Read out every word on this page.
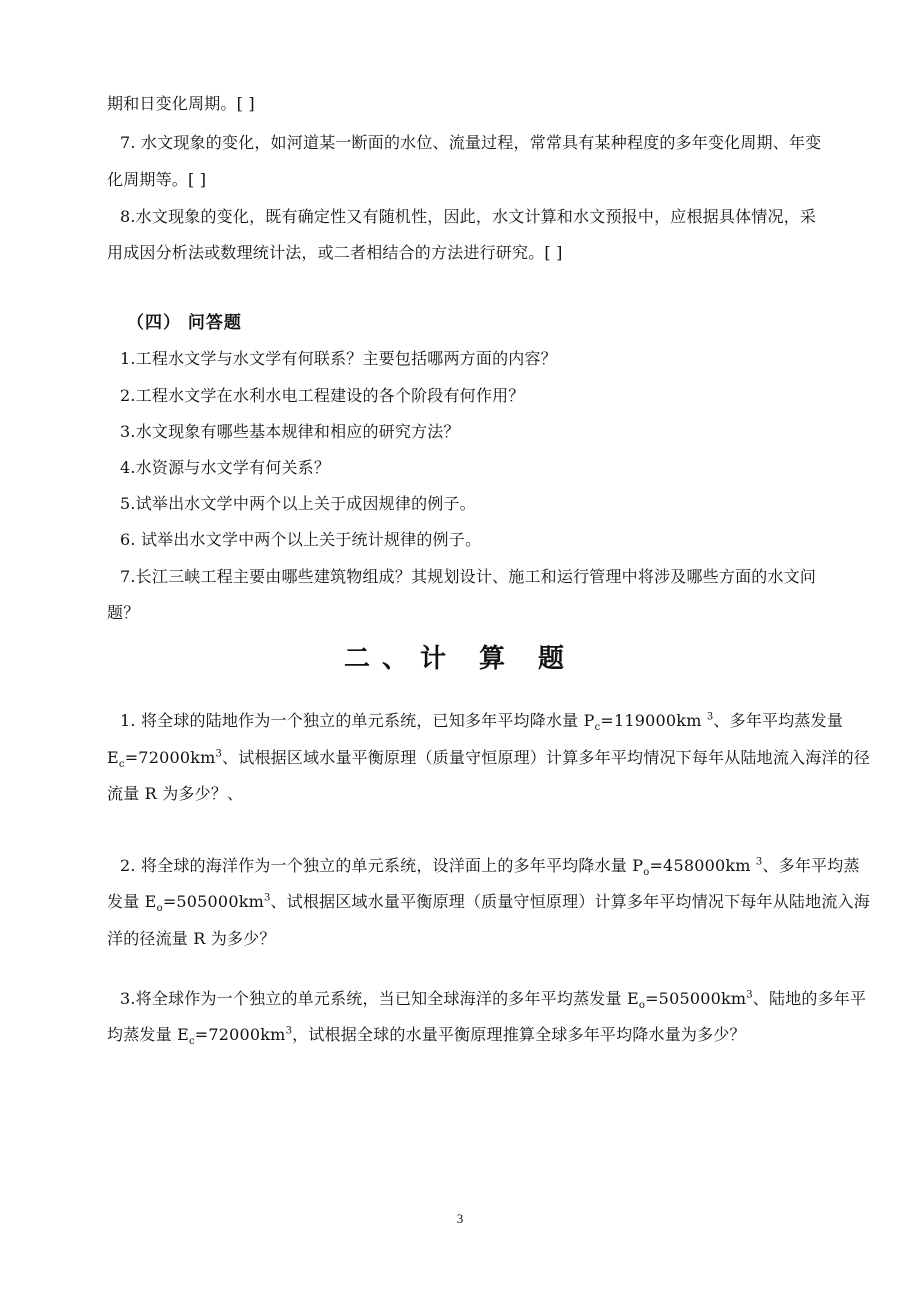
期和日变化周期。[ ]
7. 水文现象的变化，如河道某一断面的水位、流量过程，常常具有某种程度的多年变化周期、年变
化周期等。[ ]
8.水文现象的变化，既有确定性又有随机性，因此，水文计算和水文预报中，应根据具体情况，采
用成因分析法或数理统计法，或二者相结合的方法进行研究。[ ]
（四） 问答题
1.工程水文学与水文学有何联系？主要包括哪两方面的内容？
2.工程水文学在水利水电工程建设的各个阶段有何作用？
3.水文现象有哪些基本规律和相应的研究方法？
4.水资源与水文学有何关系？
5.试举出水文学中两个以上关于成因规律的例子。
6. 试举出水文学中两个以上关于统计规律的例子。
7.长江三峡工程主要由哪些建筑物组成？其规划设计、施工和运行管理中将涉及哪些方面的水文问
题？
二、计 算 题
1. 将全球的陆地作为一个独立的单元系统，已知多年平均降水量 $P_c=119000km$ $^3$、多年平均蒸发量
$E_c=72000km^3$、试根据区域水量平衡原理（质量守恒原理）计算多年平均情况下每年从陆地流入海洋的径
流量 R 为多少？、
2. 将全球的海洋作为一个独立的单元系统，设洋面上的多年平均降水量 $P_o=458000km$ $^3$、多年平均蒸
发量 $E_o=505000km^3$、试根据区域水量平衡原理（质量守恒原理）计算多年平均情况下每年从陆地流入海
洋的径流量 R 为多少？
3.将全球作为一个独立的单元系统，当已知全球海洋的多年平均蒸发量 $E_o=505000km^3$、陆地的多年平
均蒸发量 $E_c=72000km^3$，试根据全球的水量平衡原理推算全球多年平均降水量为多少？
3
